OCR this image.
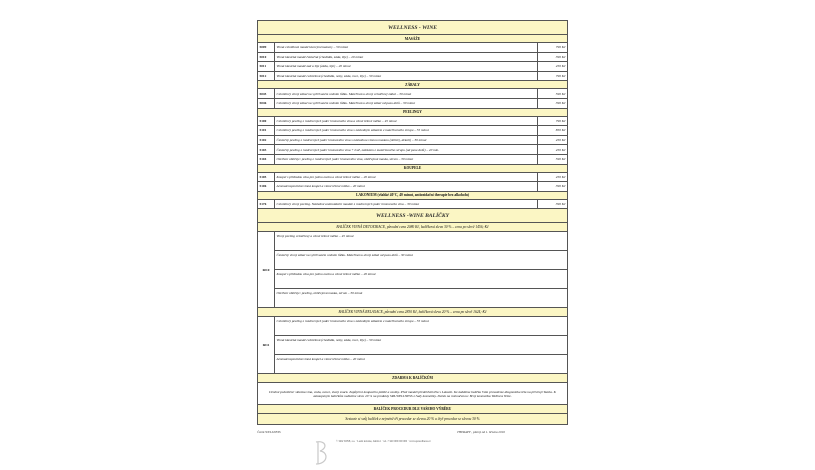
WELLNESS - WINE		
MASÁŽE		
5009	Vinná celotělová masáž lávovými kameny – 50 minut	790 Kč
5010	Vinná klasická masáž částečná (chodidla, záda, šíje) – 20 minut	390 Kč
5011	Vinná klasická masáž zad a šíje (záda, šíje) – 20 minut	450 Kč
5012	Vinná klasická masáž celotělová (chodidla, nohy, záda, ruce, šíje) – 50 minut	790 Kč
ZÁBALY		
5045	Celotělový vinný zábal na vyhřívaném vodním lůžku. Mateřinovo-vinný celotělový zábal – 30 minut	590 Kč
5046	Celotělový vinný zábal na vyhřívaném vodním lůžku. Mateřinovo-vinný zábal od pasu dolů – 30 minut	390 Kč
PEELINGY		
5100	Celotělový peeling z rozdrcených jader hroznového vína a vinné tělové mléko – 45 minut	790 Kč
5101	Celotělový peeling z rozdrcených jader hroznového vína s následným zábalem z mateřinového sirupu – 55 minut	850 Kč
5102	Částečný peeling z rozdrcených jader hroznového vína s následnou vinnou maskou (obličej, dekolt) – 30 minut	450 Kč
5103	Částečný peeling z rozdrcených jader hroznového vína + tvář, záloktem z mateřinového sirupu (od pasu dolů) – 20 min.	450 Kč
5104	Ošetření obličeje: peeling z rozdrcených jader hroznového vína, obličejová maska, sérum – 30 minut	590 Kč
KOUPELE		
5105	Koupel s příďadou vína pro jednu osobu a vinné tělové mléko – 20 minut	450 Kč
5106	Aromaterapeutická vinná koupel a vinné tělové mléko – 20 minut	390 Kč
LAKONIUM (vlahké 40°C, 40 minut, antioxidační therapie bez alkoholu)		
5176	Celotělový vinný peeling. Následné antioxidační masáže z rozdrcených jader hroznového vína – 30 minut	390 Kč
WELLNESS -WINE BALÍČKY		
BALÍČEK VINNÁ DETOXIKACE, původní cena 2080 Kč, balíčková sleva 30 % – cena po slevě 1456,-Kč		
6010	Vinný peeling celotělový a vinné tělové mléko – 45 minut	
	Částečný vinný zábal na vyhřívaném vodním lůžku. Mateřinovo-vinný zábal od pasu dolů – 30 minut	
	Koupel s příďadou vína pro jednu osobu a vinné tělové mléko – 20 minut	
	Ošetření obličeje: peeling, obličejová maska, sérum – 30 minut	
BALÍČEK VINNÁ RELAXACE, původní cena 2830 Kč, balíčková sleva 20 % – cena po slevě 1624,-Kč		
6011	Celotělový peeling z rozdrcených jader hroznového vína s následným zábalem z mateřinového sirupu – 55 minut	
	Vinná klasická masáž celotělová (chodidla, nohy, záda, ruce, šíje) – 50 minut	
	Aromaterapeutická vinná koupel a vinné tělové mléko – 20 minut	
ZDARMA K BALÍČKŮM		
Drobné pohoštění: sklenka vína, voda, ovoce, slaný snack. Zapůjčení koupacího pláště a osušky. Před masáží předehřátí těla v Lakonii. Ke každému balíčku Vám provedeme diagnostiku těla na přístroji Tanita. K zakoupeným balíčkům nabízíme slevu 20 % na produkty SPA WELLNESS z řady kosmetiky. Dárek na rozloučenou: Brný kosmetika Wellness Wine.		
BALÍČEK PROCEDUR DLE VAŠEHO VÝBĚRU		
Sestavte si svůj balíček z nejméně tří procedur se slevou 20 % a čtyř procedur se slevou 30 %		
Čeník WELLNESS	THERAPY , platný od 1. března 2016
© SPA WINE, a.s. · Lesní kolonie, Jemná 1 · tel.: +420 000 000 000 · www.spawellness.cz
